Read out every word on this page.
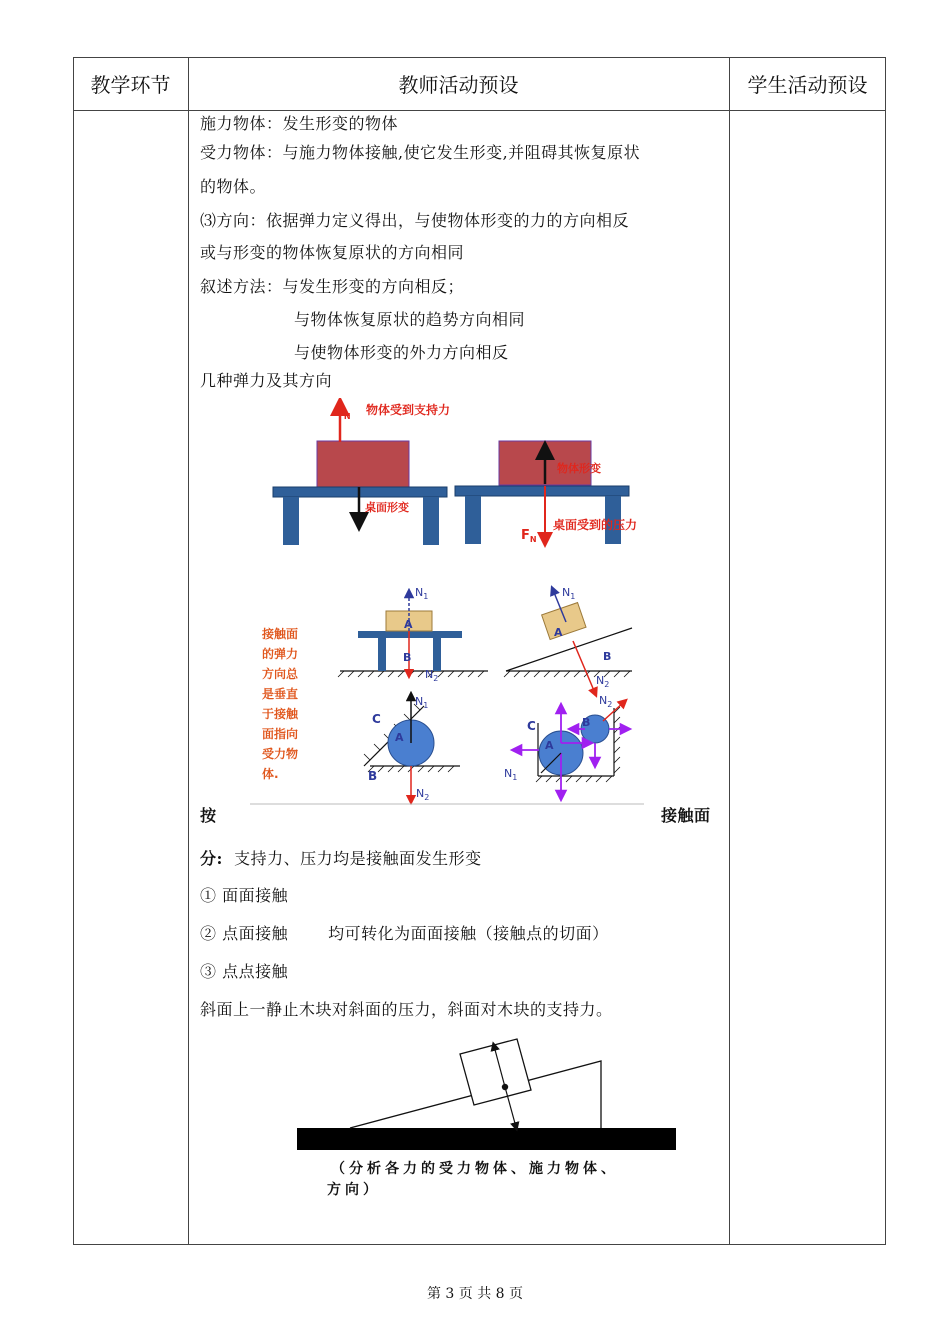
教学环节	教师活动预设	学生活动预设
施力物体：发生形变的物体
受力物体：与施力物体接触,使它发生形变,并阻碍其恢复原状
的物体。
⑶方向：依据弹力定义得出，与使物体形变的力的方向相反
或与形变的物体恢复原状的方向相同
叙述方法：与发生形变的方向相反；
与物体恢复原状的趋势方向相同
与使物体形变的外力方向相反
几种弹力及其方向
$F_N$ 物体受到支持力
桌面形变
物体形变
桌面受到的压力
$F_N$
接触面
的弹力
方向总
是垂直
于接触
面指向
受力物
体.
$N_1$
A
B
$N_2$
$N_1$
A
B
$N_2$
$N_1$
A
C
B
$N_2$
$N_2$
A
B
C
$N_1$
按	接触面
分: 支持力、压力均是接触面发生形变
① 面面接触
② 点面接触	均可转化为面面接触（接触点的切面）
③ 点点接触
斜面上一静止木块对斜面的压力，斜面对木块的支持力。
（分析各力的受力物体、施力物体、
方向）
第 3 页 共 8 页
